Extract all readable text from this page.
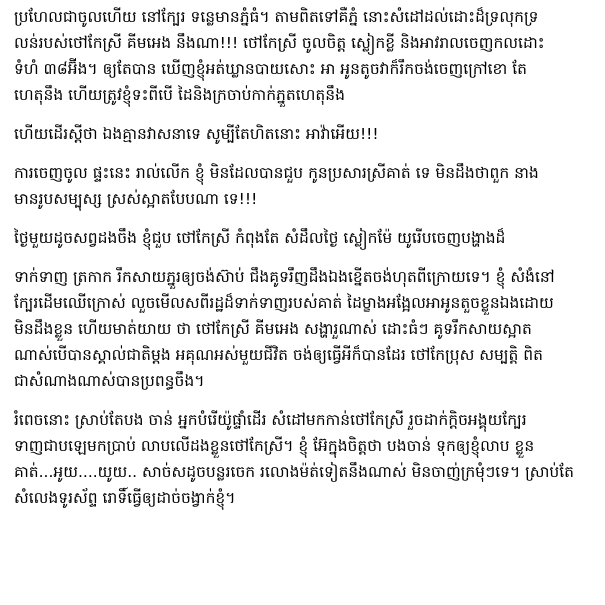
ប្រហែលជាចូលហើយ នៅក្បែរ ទន្លេមានភ្នំធំ។ តាមពិតទៅគឺភ្នំ នោះសំដៅដល់ដោះដ៏ទ្រលុកទ្រ
លន់របស់ថៅកែស្រី គីមអេង នឹងណា!!! ថៅកែស្រី ចូលចិត្ត ស្លៀកខ្លី និងអាវរាលចេញកលដោះ
ទំហំ ៣៨អ៊ីង។ ឲ្យតែបាន ឃើញខ្ញុំអត់ឃ្លានបាយសោះ អា អូនតូចវាក៏រឹកចង់ចេញក្រៅខោ តែ
ហេតុនឹង ហើយត្រូវខ្ញុំទះពីបើ ដៃនិងក្រចាប់កាក់ភ្នួតហេតុនឹង
ហើយដើរស្ដីថា ឯងគ្មានវាសនាទេ សូម្បីតែហិតនោះ អាវ៉ាអើយ!!!
ការចេញចូល ផ្ទះនេះ រាល់លើក ខ្ញុំ មិនដែលបានជួប កូនប្រសារស្រីគាត់ ទេ មិនដឹងថាពួក នាង
មានរូបសម្បុស្ស ស្រស់ស្អាតបែបណា ទេ!!!
ថ្ងៃមួយដូចសព្វដងចឹង ខ្ញុំជួប ថៅកែស្រី កំពុងតែ សំដឹលថ្ងៃ ស្លៀកម៉ែ យូរើបចេញបង្ហាងដ៏
ទាក់ទាញ ត្រកាក រឹកសាយភ្នួរឲ្យចង់ស៊ាប់ ជឹងគូទរឹញដឹងឯងខ្នើតចង់ហុតពីក្រោយទេ។ ខ្ញុំ សំងំនៅ
ក្បែរដើមឈើក្រោស់ លួចមើលសពីរដ្ឋដ៏ទាក់ទាញរបស់គាត់ ដៃម្ខាងអង្អែលអាអូនតួចខ្លួនឯងដោយ
មិនដឹងខ្លួន ហើយមាត់យាយ ថា ថៅកែស្រី គីមអេង សង្ហារួណាស់ ដោះធំៗ គូទរឹកសាយស្អាត
ណាស់បើបានស្គាល់ជាតិម្ដង អគុណអស់មួយជីវិត ចង់ឲ្យធ្វើអីក៏បានដែរ ថៅកែប្រុស សម្បត្តិ ពិត
ជាសំណាងណាស់បានប្រពន្ធចឹង។
រំពេចនោះ ស្រាប់តែបង ចាន់ អ្នកបំរើយ៉ូផ្ទាំដើរ សំដៅមកកាន់ថៅកែស្រី រួចដាក់ក្ដិចអង្គុយក្បែរ
ទាញជាបឡេមកប្រាប់ លាបលើដងខ្លួនថៅកែស្រី។ ខ្ញុំ អ៊ែក្នុងចិត្តថា បងចាន់ ទុកឲ្យខ្ញុំលាប ខ្លួន
គាត់...អូយ....យូយ.. សាច់សដូចបន្លរចេក រលោងម៉ត់ទៀតនឹងណាស់ មិនចាញ់ក្រមុំៗទេ។ ស្រាប់តែ
សំលេងទូរស័ព្ទ រោទិ៍ធ្វើឲ្យដាច់ចង្វាក់ខ្ញុំ។
